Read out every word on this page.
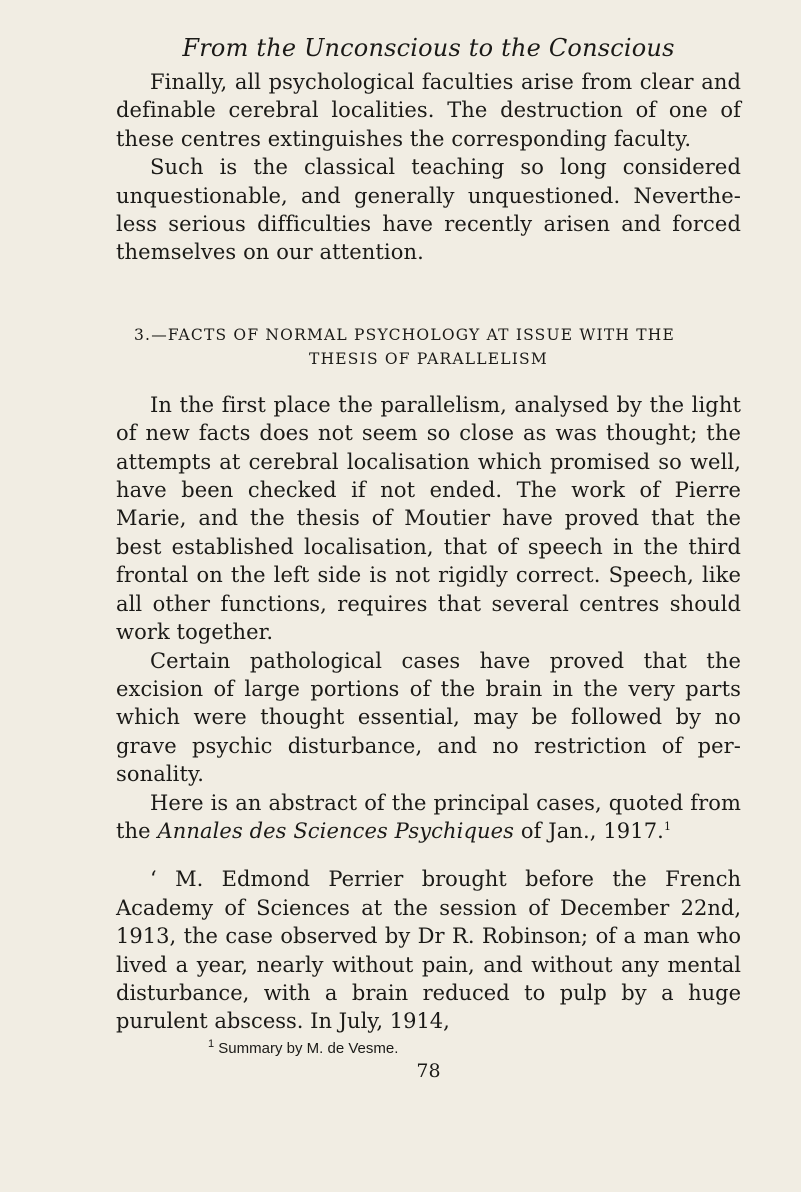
From the Unconscious to the Conscious

Finally, all psychological faculties arise from clear and definable cerebral localities. The destruction of one of these centres extinguishes the corresponding faculty.

Such is the classical teaching so long considered unquestionable, and generally unquestioned. Neverthe-less serious difficulties have recently arisen and forced themselves on our attention.

3.—FACTS OF NORMAL PSYCHOLOGY AT ISSUE WITH THE
THESIS OF PARALLELISM

In the first place the parallelism, analysed by the light of new facts does not seem so close as was thought; the attempts at cerebral localisation which promised so well, have been checked if not ended. The work of Pierre Marie, and the thesis of Moutier have proved that the best established localisation, that of speech in the third frontal on the left side is not rigidly correct. Speech, like all other functions, requires that several centres should work together.

Certain pathological cases have proved that the excision of large portions of the brain in the very parts which were thought essential, may be followed by no grave psychic disturbance, and no restriction of per-sonality.

Here is an abstract of the principal cases, quoted from the Annales des Sciences Psychiques of Jan., 1917.$^1$

‘ M. Edmond Perrier brought before the French Academy of Sciences at the session of December 22nd, 1913, the case observed by Dr R. Robinson; of a man who lived a year, nearly without pain, and without any mental disturbance, with a brain reduced to pulp by a huge purulent abscess. In July, 1914,

$^1$ Summary by M. de Vesme.

78
